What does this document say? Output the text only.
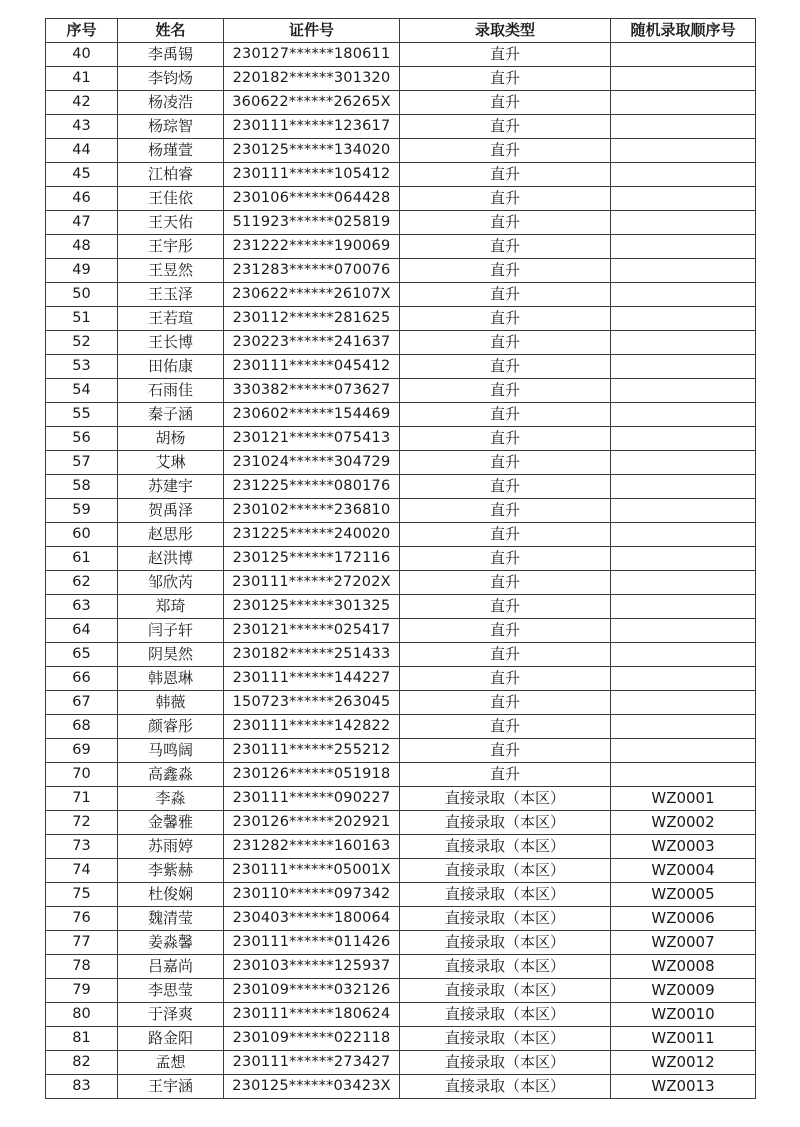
序号	姓名	证件号	录取类型	随机录取顺序号
40	李禹锡	230127******180611	直升	
41	李钧炀	220182******301320	直升	
42	杨凌浩	360622******26265X	直升	
43	杨琮智	230111******123617	直升	
44	杨瑾萱	230125******134020	直升	
45	江柏睿	230111******105412	直升	
46	王佳依	230106******064428	直升	
47	王天佑	511923******025819	直升	
48	王宇彤	231222******190069	直升	
49	王昱然	231283******070076	直升	
50	王玉泽	230622******26107X	直升	
51	王若瑄	230112******281625	直升	
52	王长博	230223******241637	直升	
53	田佑康	230111******045412	直升	
54	石雨佳	330382******073627	直升	
55	秦子涵	230602******154469	直升	
56	胡杨	230121******075413	直升	
57	艾琳	231024******304729	直升	
58	苏建宇	231225******080176	直升	
59	贺禹泽	230102******236810	直升	
60	赵思彤	231225******240020	直升	
61	赵洪博	230125******172116	直升	
62	邹欣芮	230111******27202X	直升	
63	郑琦	230125******301325	直升	
64	闫子轩	230121******025417	直升	
65	阴昊然	230182******251433	直升	
66	韩恩琳	230111******144227	直升	
67	韩薇	150723******263045	直升	
68	颜睿彤	230111******142822	直升	
69	马鸣阔	230111******255212	直升	
70	高鑫淼	230126******051918	直升	
71	李淼	230111******090227	直接录取（本区）	WZ0001
72	金馨雅	230126******202921	直接录取（本区）	WZ0002
73	苏雨婷	231282******160163	直接录取（本区）	WZ0003
74	李紫赫	230111******05001X	直接录取（本区）	WZ0004
75	杜俊娴	230110******097342	直接录取（本区）	WZ0005
76	魏清莹	230403******180064	直接录取（本区）	WZ0006
77	姜淼馨	230111******011426	直接录取（本区）	WZ0007
78	吕嘉尚	230103******125937	直接录取（本区）	WZ0008
79	李思莹	230109******032126	直接录取（本区）	WZ0009
80	于泽爽	230111******180624	直接录取（本区）	WZ0010
81	路金阳	230109******022118	直接录取（本区）	WZ0011
82	孟想	230111******273427	直接录取（本区）	WZ0012
83	王宇涵	230125******03423X	直接录取（本区）	WZ0013
